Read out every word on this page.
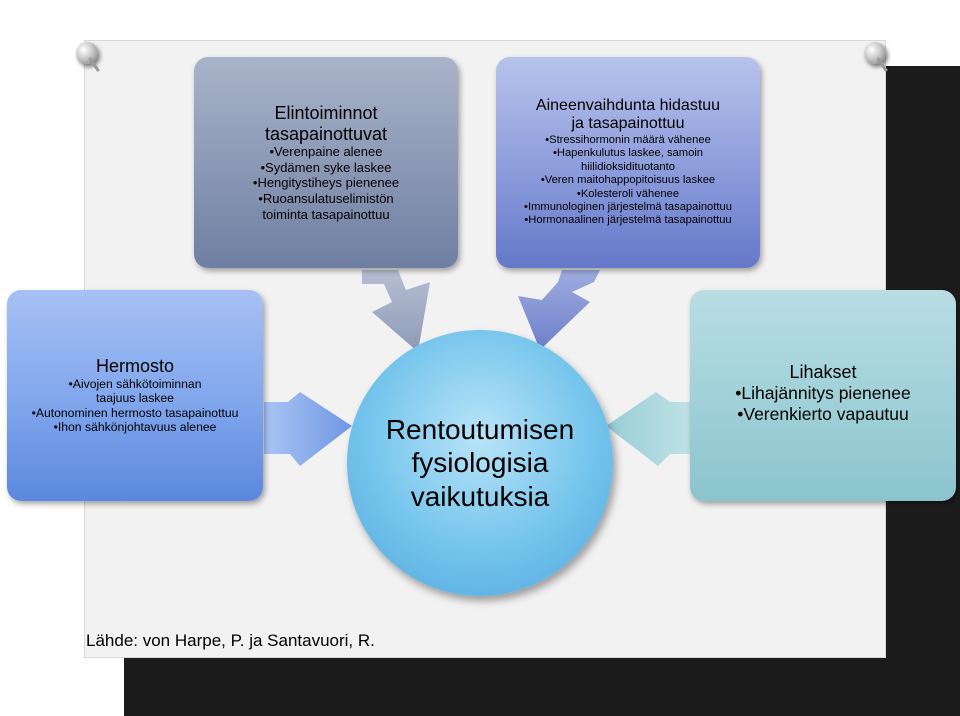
Elintoiminnot
tasapainottuvat
•Verenpaine alenee
•Sydämen syke laskee
•Hengitystiheys pienenee
•Ruoansulatuselimistön
toiminta tasapainottuu
Aineenvaihdunta hidastuu
ja tasapainottuu
•Stressihormonin määrä vähenee
•Hapenkulutus laskee, samoin
hiilidioksidituotanto
•Veren maitohappopitoisuus laskee
•Kolesteroli vähenee
•Immunologinen järjestelmä tasapainottuu
•Hormonaalinen järjestelmä tasapainottuu
Hermosto
•Aivojen sähkötoiminnan
taajuus laskee
•Autonominen hermosto tasapainottuu
•Ihon sähkönjohtavuus alenee
Lihakset
•Lihajännitys pienenee
•Verenkierto vapautuu
Rentoutumisen
fysiologisia
vaikutuksia
Lähde: von Harpe, P. ja Santavuori, R.
